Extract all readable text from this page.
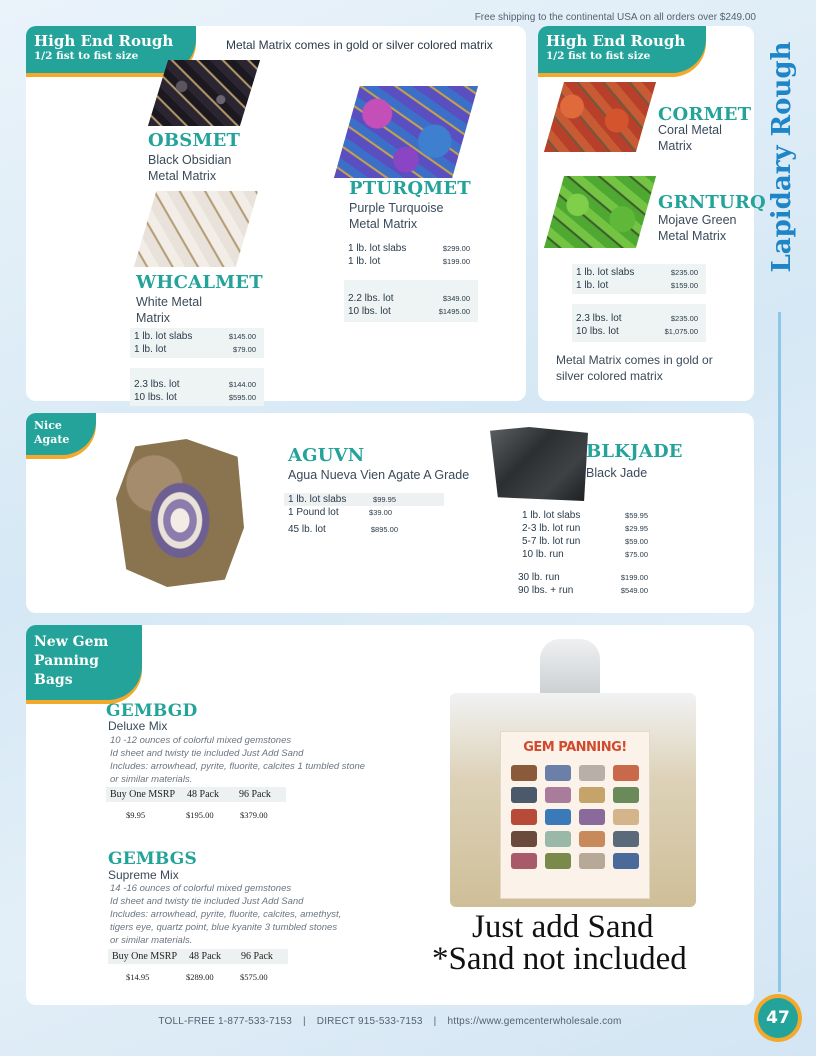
Free shipping to the continental USA on all orders over $249.00
Lapidary Rough
High End Rough
1/2 fist to fist size
Metal Matrix comes in gold or silver colored matrix
OBSMET
Black Obsidian
Metal Matrix
WHCALMET
White Metal
Matrix
1 lb. lot slabs	$145.00
1 lb. lot	$79.00
2.3 lbs. lot	$144.00
10 lbs. lot	$595.00
PTURQMET
Purple Turquoise
Metal Matrix
1 lb. lot slabs	$299.00
1 lb. lot	$199.00
2.2 lbs. lot	$349.00
10 lbs. lot	$1495.00
High End Rough
1/2 fist to fist size
CORMET
Coral Metal
Matrix
GRNTURQ
Mojave Green
Metal Matrix
1 lb. lot slabs	$235.00
1 lb. lot	$159.00
2.3 lbs. lot	$235.00
10 lbs. lot	$1,075.00
Metal Matrix comes in gold or silver colored matrix
Nice
Agate
AGUVN
Agua Nueva Vien Agate A Grade
1 lb. lot slabs	$99.95
1 Pound lot	$39.00
45 lb. lot	$895.00
BLKJADE
Black Jade
1 lb. lot slabs	$59.95
2-3 lb. lot run	$29.95
5-7 lb. lot run	$59.00
10 lb. run	$75.00
30 lb. run	$199.00
90 lbs. + run	$549.00
New Gem
Panning
Bags
GEMBGD
Deluxe Mix
10 -12 ounces of colorful mixed gemstones
Id sheet and twisty tie included Just Add Sand
Includes: arrowhead, pyrite, fluorite, calcites 1 tumbled stone
or similar materials.
Buy One MSRP 48 Pack 96 Pack
$9.95	$195.00	$379.00
GEMBGS
Supreme Mix
14 -16 ounces of colorful mixed gemstones
Id sheet and twisty tie included Just Add Sand
Includes: arrowhead, pyrite, fluorite, calcites, amethyst,
tigers eye, quartz point, blue kyanite 3 tumbled stones
or similar materials.
Buy One MSRP 48 Pack 96 Pack
$14.95	$289.00	$575.00
GEM PANNING!
Just add Sand
*Sand not included
TOLL-FREE 1-877-533-7153 | DIRECT 915-533-7153 | https://www.gemcenterwholesale.com	47
